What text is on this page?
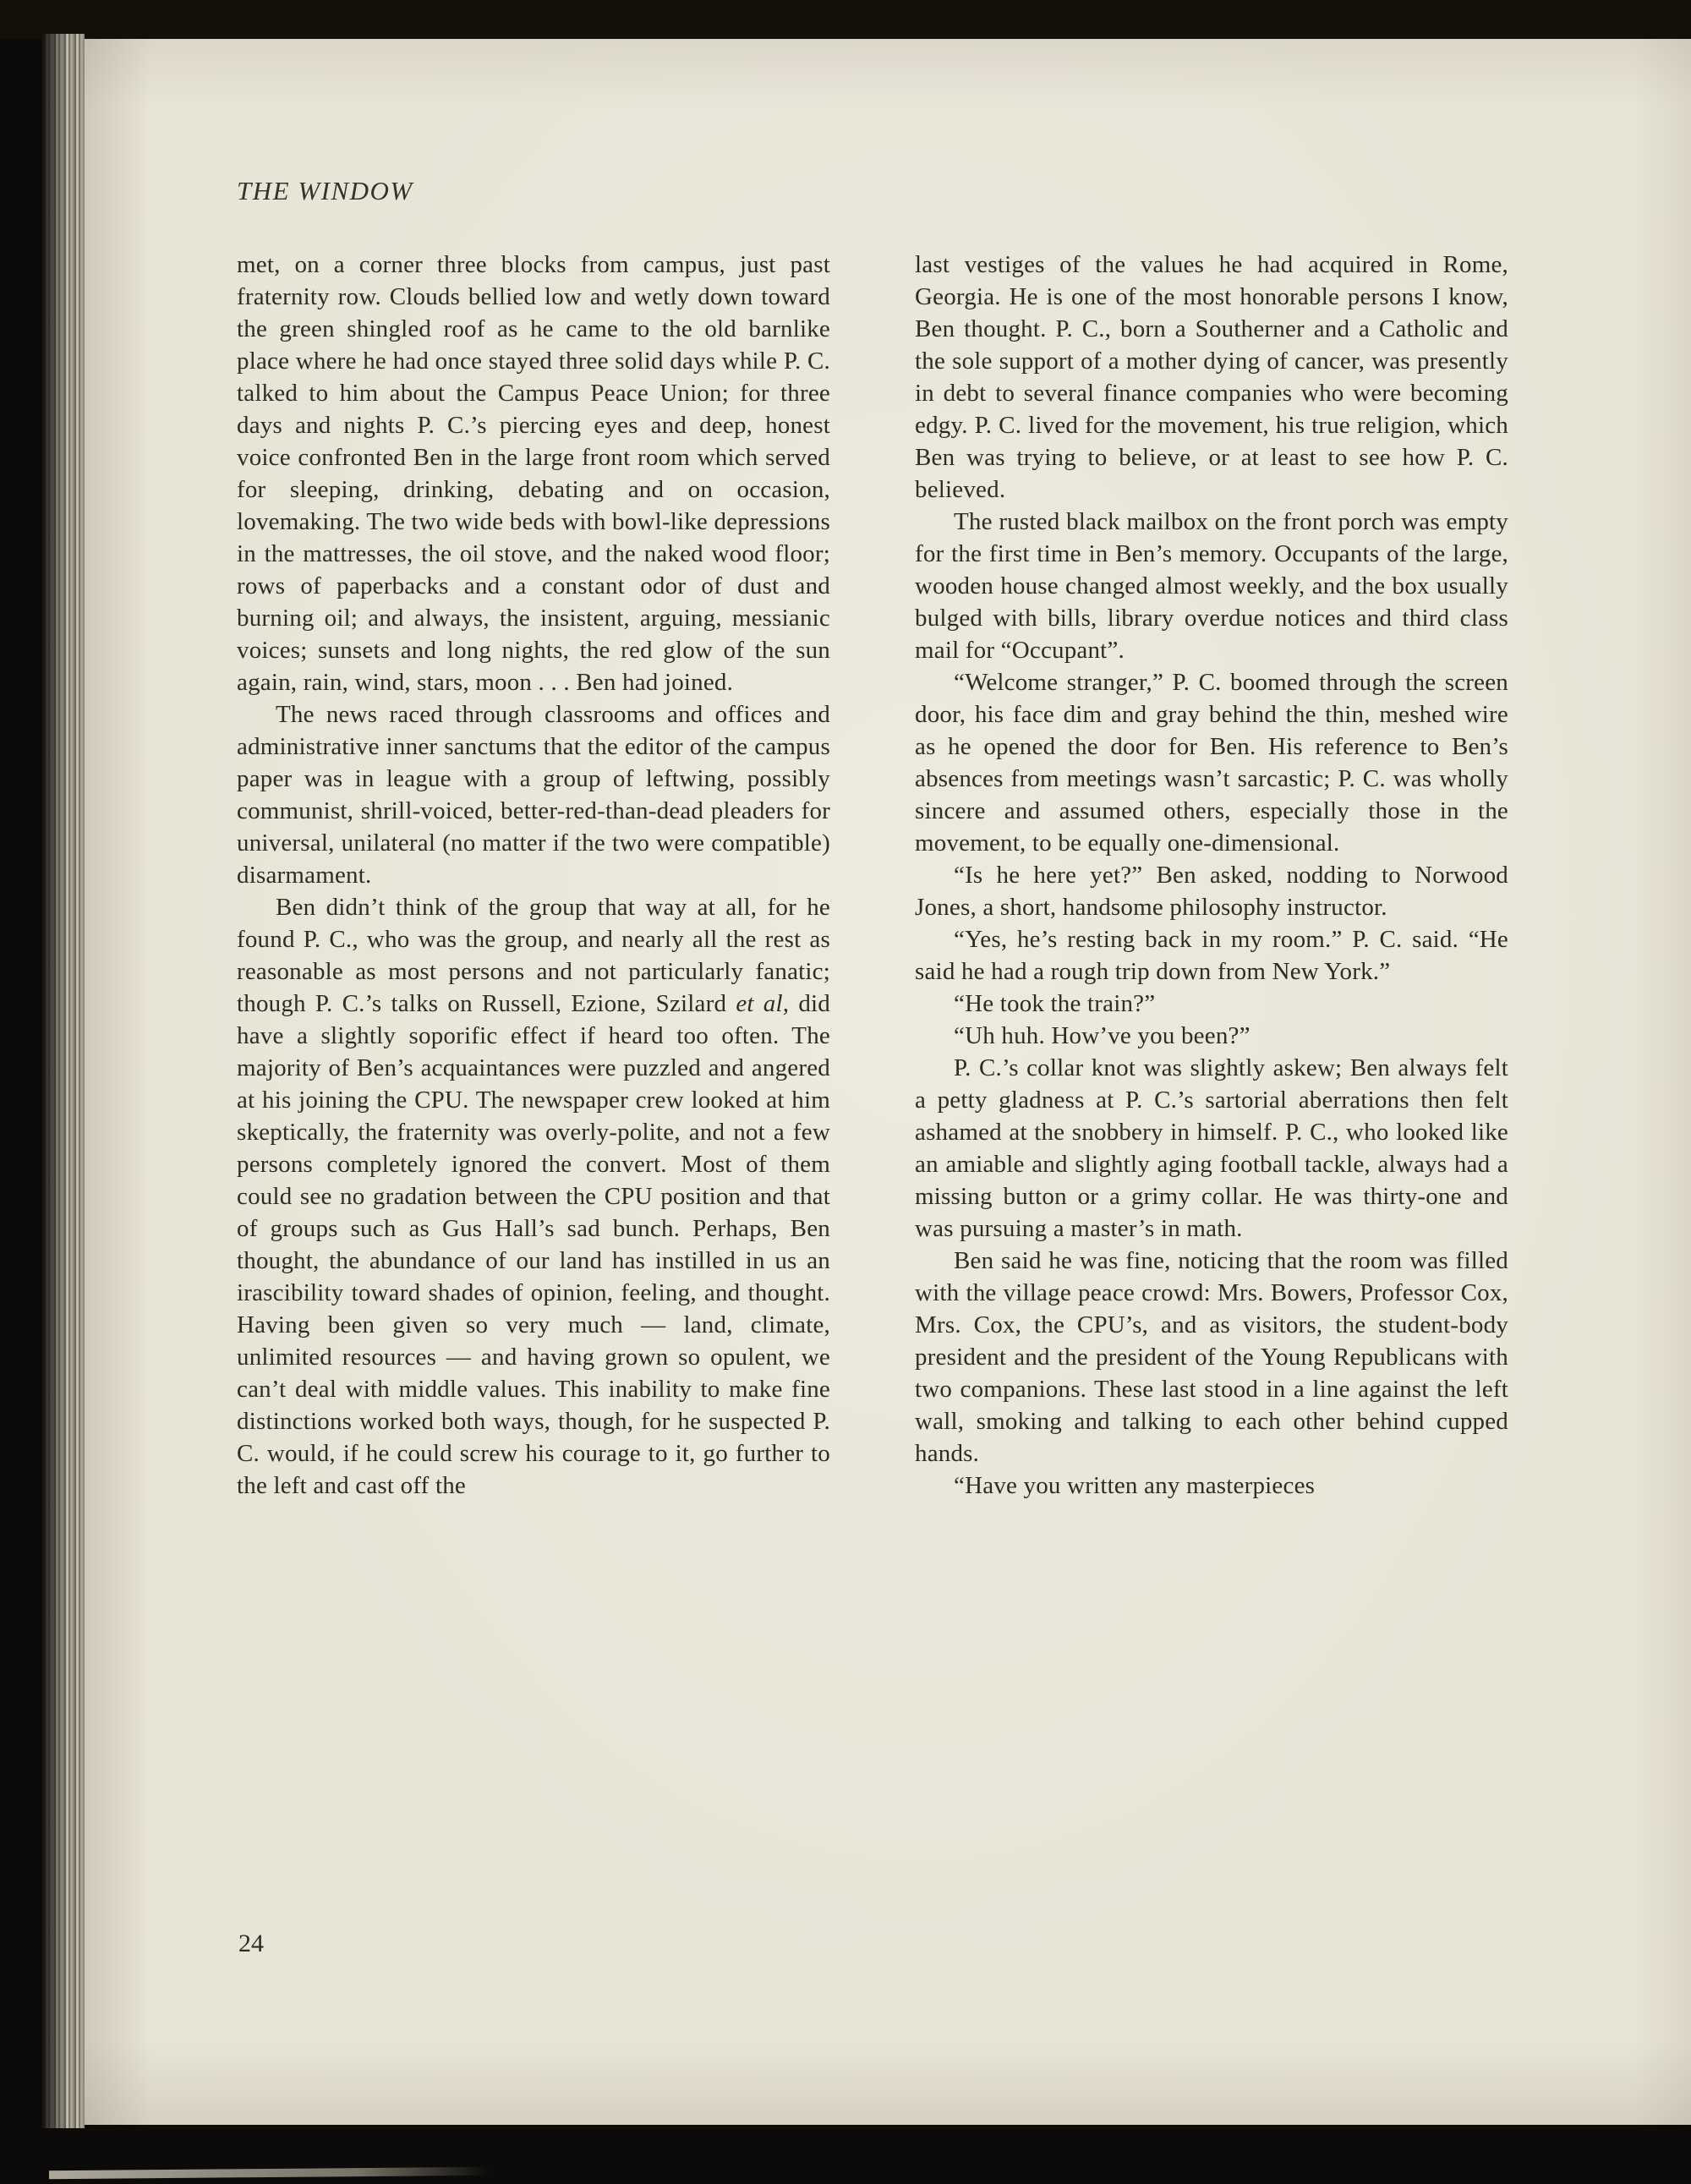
THE WINDOW

met, on a corner three blocks from campus, just past fraternity row. Clouds bellied low and wetly down toward the green shingled roof as he came to the old barnlike place where he had once stayed three solid days while P. C. talked to him about the Campus Peace Union; for three days and nights P. C.’s piercing eyes and deep, honest voice confronted Ben in the large front room which served for sleeping, drinking, debating and on occasion, lovemaking. The two wide beds with bowl-like depressions in the mattresses, the oil stove, and the naked wood floor; rows of paperbacks and a constant odor of dust and burning oil; and always, the insistent, arguing, messianic voices; sunsets and long nights, the red glow of the sun again, rain, wind, stars, moon . . . Ben had joined.

The news raced through classrooms and offices and administrative inner sanctums that the editor of the campus paper was in league with a group of leftwing, possibly communist, shrill-voiced, better-red-than-dead pleaders for universal, unilateral (no matter if the two were compatible) disarmament.

Ben didn’t think of the group that way at all, for he found P. C., who was the group, and nearly all the rest as reasonable as most persons and not particularly fanatic; though P. C.’s talks on Russell, Ezione, Szilard et al, did have a slightly soporific effect if heard too often. The majority of Ben’s acquaintances were puzzled and angered at his joining the CPU. The newspaper crew looked at him skeptically, the fraternity was overly-polite, and not a few persons completely ignored the convert. Most of them could see no gradation between the CPU position and that of groups such as Gus Hall’s sad bunch. Perhaps, Ben thought, the abundance of our land has instilled in us an irascibility toward shades of opinion, feeling, and thought. Having been given so very much — land, climate, unlimited resources — and having grown so opulent, we can’t deal with middle values. This inability to make fine distinctions worked both ways, though, for he suspected P. C. would, if he could screw his courage to it, go further to the left and cast off the

last vestiges of the values he had acquired in Rome, Georgia. He is one of the most honorable persons I know, Ben thought. P. C., born a Southerner and a Catholic and the sole support of a mother dying of cancer, was presently in debt to several finance companies who were becoming edgy. P. C. lived for the movement, his true religion, which Ben was trying to believe, or at least to see how P. C. believed.

The rusted black mailbox on the front porch was empty for the first time in Ben’s memory. Occupants of the large, wooden house changed almost weekly, and the box usually bulged with bills, library overdue notices and third class mail for “Occupant”.

“Welcome stranger,” P. C. boomed through the screen door, his face dim and gray behind the thin, meshed wire as he opened the door for Ben. His reference to Ben’s absences from meetings wasn’t sarcastic; P. C. was wholly sincere and assumed others, especially those in the movement, to be equally one-dimensional.

“Is he here yet?” Ben asked, nodding to Norwood Jones, a short, handsome philosophy instructor.

“Yes, he’s resting back in my room.” P. C. said. “He said he had a rough trip down from New York.”

“He took the train?”

“Uh huh. How’ve you been?”

P. C.’s collar knot was slightly askew; Ben always felt a petty gladness at P. C.’s sartorial aberrations then felt ashamed at the snobbery in himself. P. C., who looked like an amiable and slightly aging football tackle, always had a missing button or a grimy collar. He was thirty-one and was pursuing a master’s in math.

Ben said he was fine, noticing that the room was filled with the village peace crowd: Mrs. Bowers, Professor Cox, Mrs. Cox, the CPU’s, and as visitors, the student-body president and the president of the Young Republicans with two companions. These last stood in a line against the left wall, smoking and talking to each other behind cupped hands.

“Have you written any masterpieces

24
